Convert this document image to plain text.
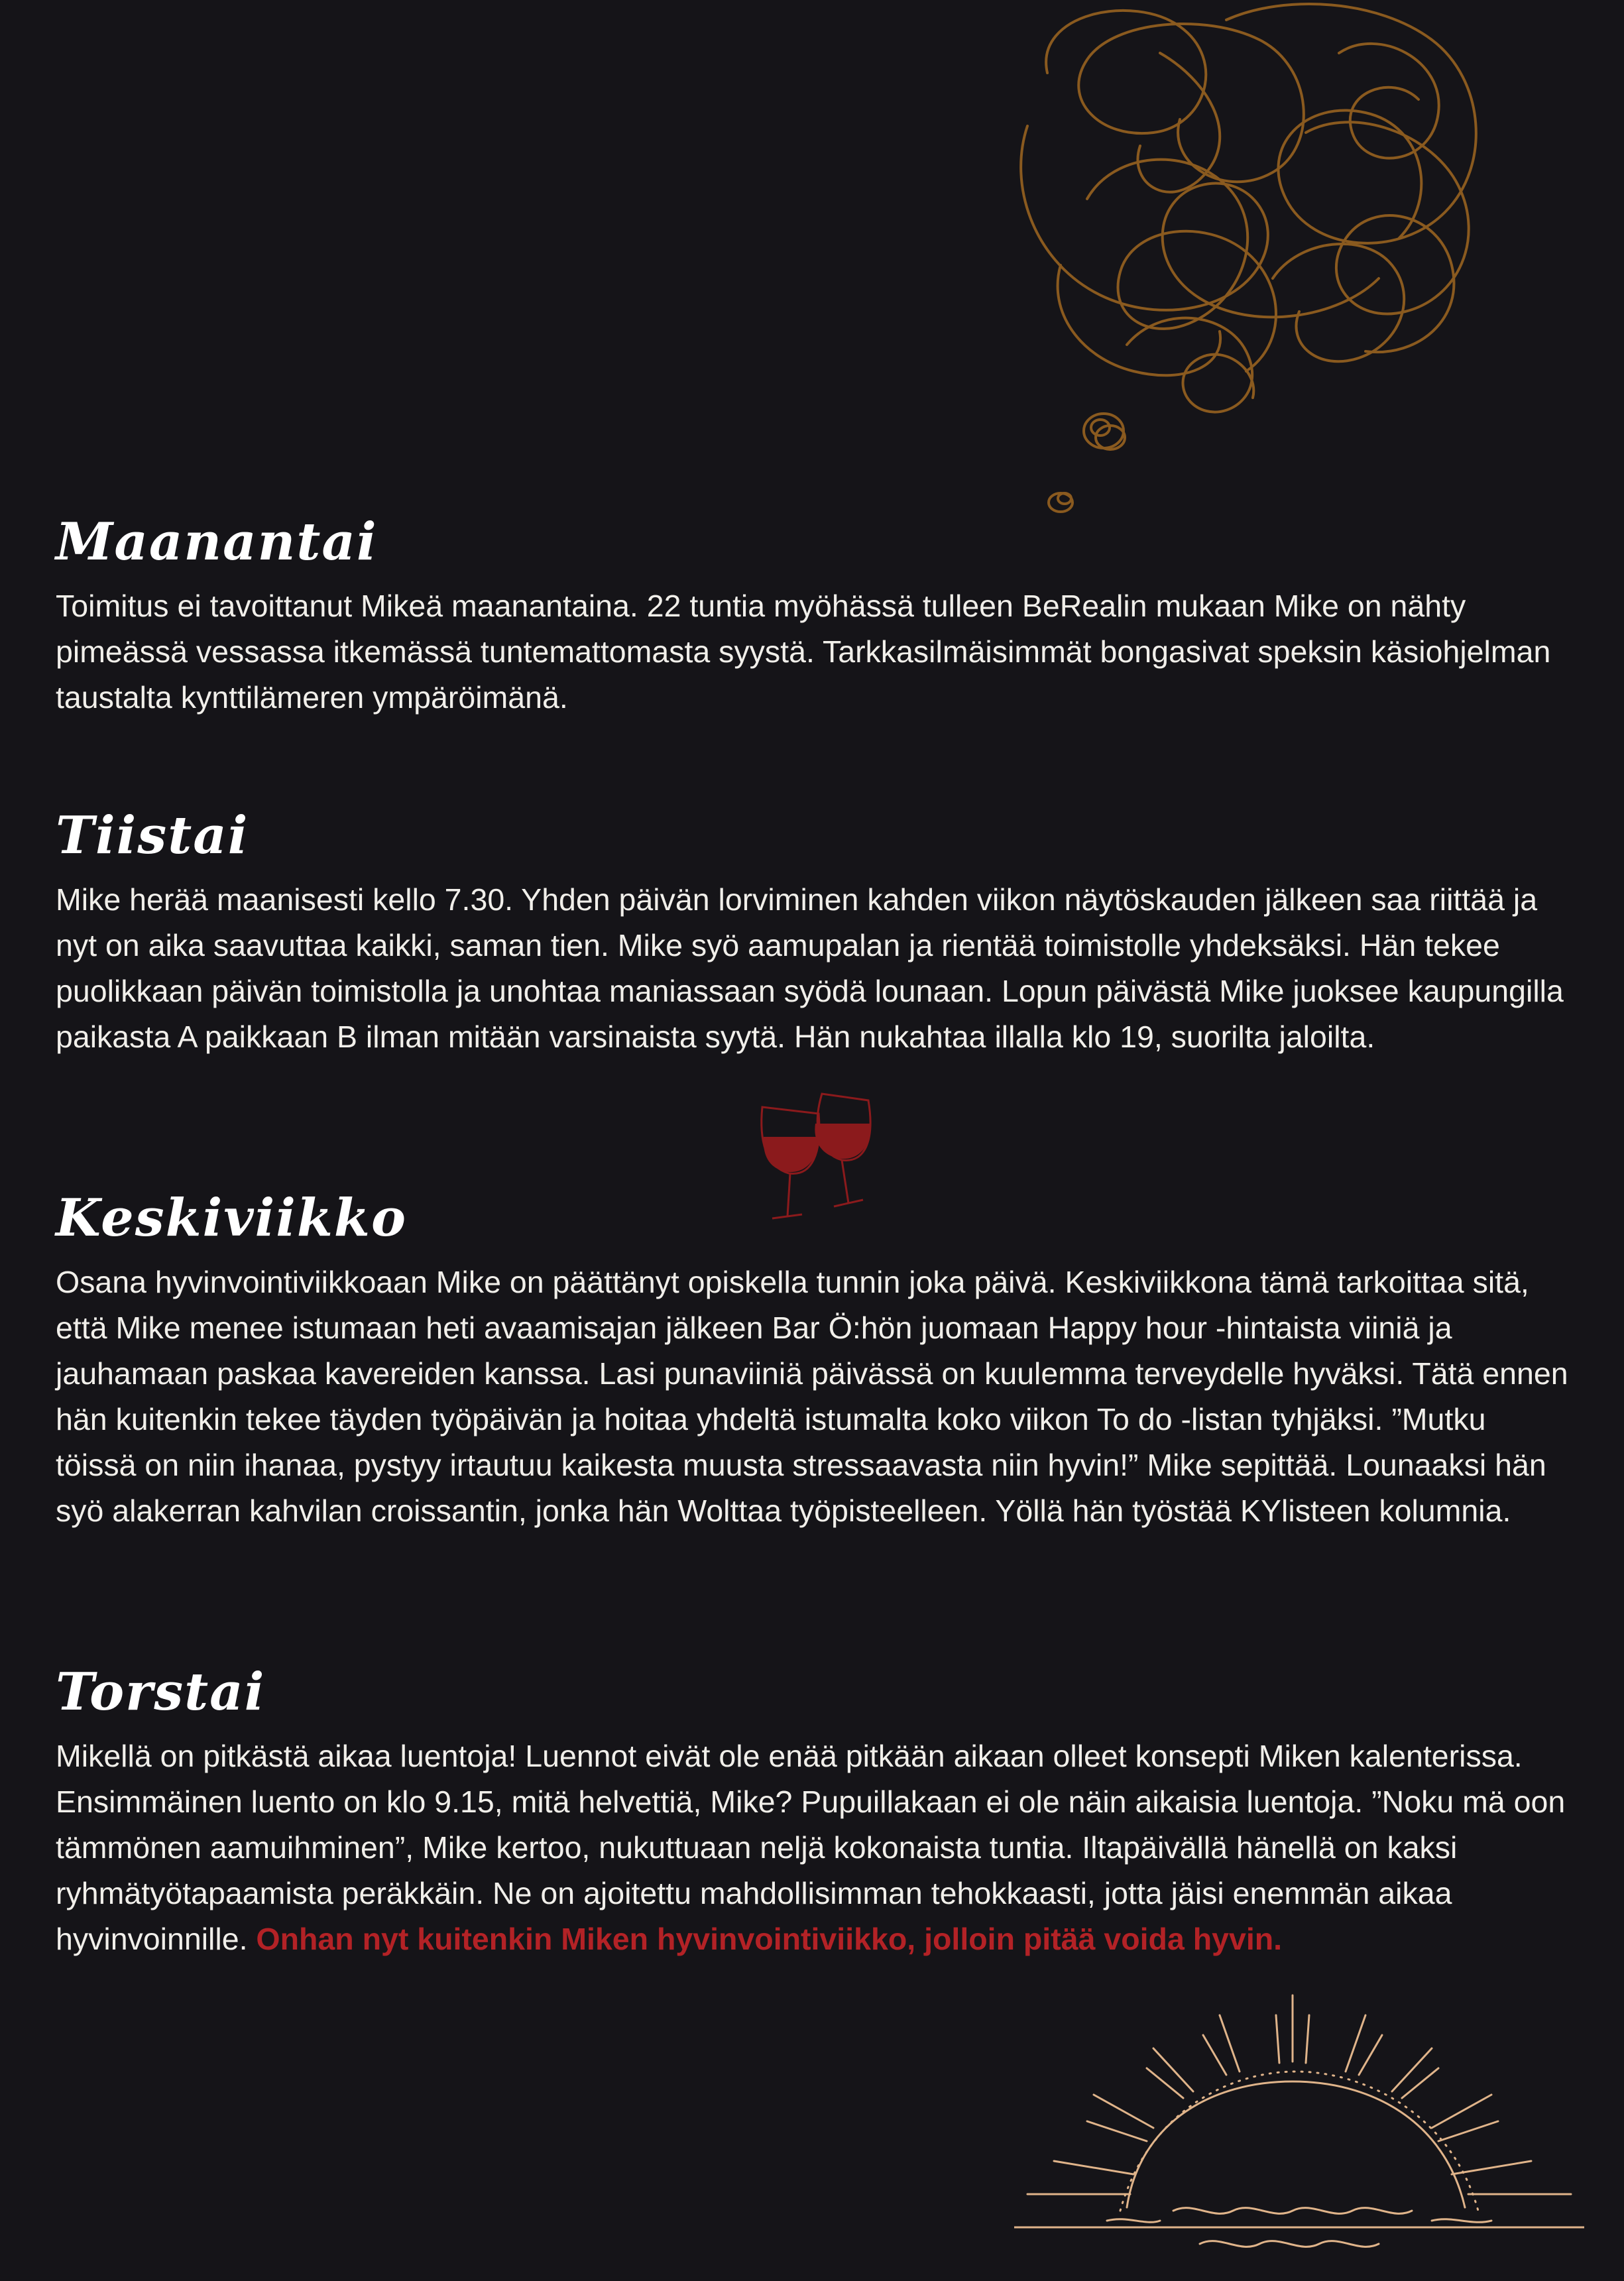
Maanantai

Toimitus ei tavoittanut Mikeä maanantaina. 22 tuntia myöhässä tulleen BeRealin mukaan Mike on nähty pimeässä vessassa itkemässä tuntemattomasta syystä. Tarkkasilmäisimmät bongasivat speksin käsiohjelman taustalta kynttilämeren ympäröimänä.

Tiistai

Mike herää maanisesti kello 7.30. Yhden päivän lorviminen kahden viikon näytöskauden jälkeen saa riittää ja nyt on aika saavuttaa kaikki, saman tien. Mike syö aamupalan ja rientää toimistolle yhdeksäksi. Hän tekee puolikkaan päivän toimistolla ja unohtaa maniassaan syödä lounaan. Lopun päivästä Mike juoksee kaupungilla paikasta A paikkaan B ilman mitään varsinaista syytä. Hän nukahtaa illalla klo 19, suorilta jaloilta.

Keskiviikko

Osana hyvinvointiviikkoaan Mike on päättänyt opiskella tunnin joka päivä. Keskiviikkona tämä tarkoittaa sitä, että Mike menee istumaan heti avaamisajan jälkeen Bar Ö:hön juomaan Happy hour -hintaista viiniä ja jauhamaan paskaa kavereiden kanssa. Lasi punaviiniä päivässä on kuulemma terveydelle hyväksi. Tätä ennen hän kuitenkin tekee täyden työpäivän ja hoitaa yhdeltä istumalta koko viikon To do -listan tyhjäksi. ”Mutku töissä on niin ihanaa, pystyy irtautuu kaikesta muusta stressaavasta niin hyvin!” Mike sepittää. Lounaaksi hän syö alakerran kahvilan croissantin, jonka hän Wolttaa työpisteelleen. Yöllä hän työstää KYlisteen kolumnia.

Torstai

Mikellä on pitkästä aikaa luentoja! Luennot eivät ole enää pitkään aikaan olleet konsepti Miken kalenterissa. Ensimmäinen luento on klo 9.15, mitä helvettiä, Mike? Pupuillakaan ei ole näin aikaisia luentoja. ”Noku mä oon tämmönen aamuihminen”, Mike kertoo, nukuttuaan neljä kokonaista tuntia. Iltapäivällä hänellä on kaksi ryhmätyötapaamista peräkkäin. Ne on ajoitettu mahdollisimman tehokkaasti, jotta jäisi enemmän aikaa hyvinvoinnille. Onhan nyt kuitenkin Miken hyvinvointiviikko, jolloin pitää voida hyvin.
